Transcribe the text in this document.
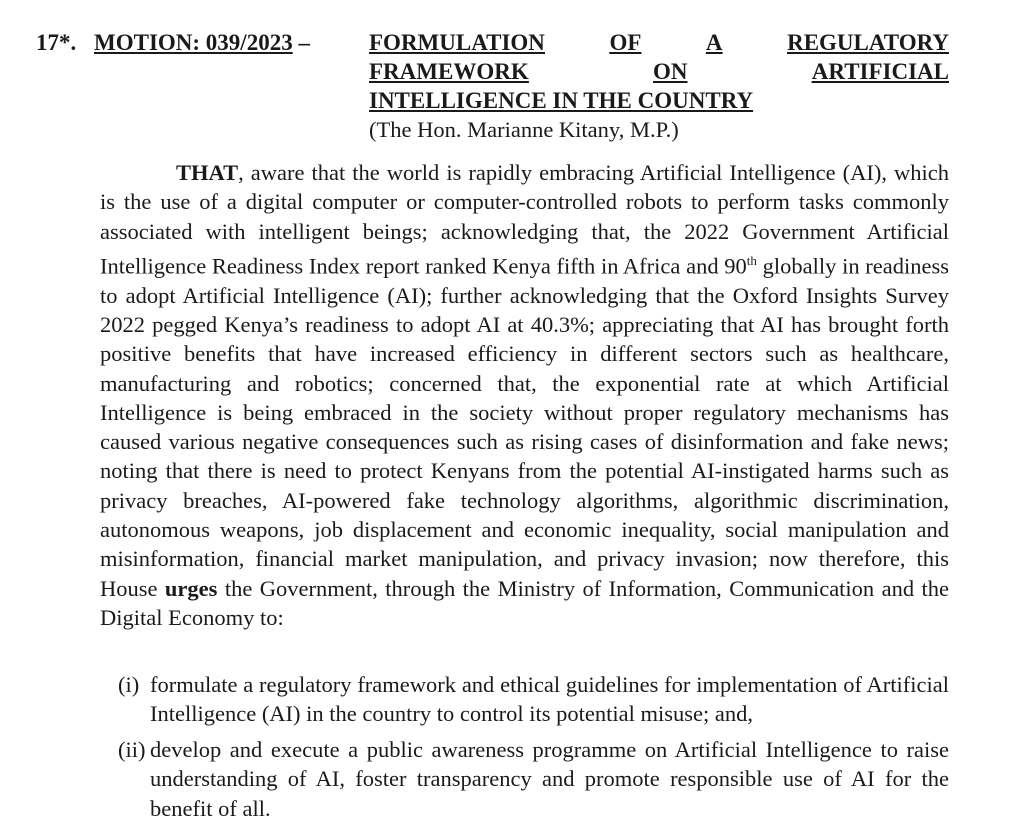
17*. MOTION: 039/2023 –	FORMULATION	OF	A	REGULATORY
FRAMEWORK	ON	ARTIFICIAL
INTELLIGENCE IN THE COUNTRY
(The Hon. Marianne Kitany, M.P.)
THAT, aware that the world is rapidly embracing Artificial Intelligence (AI), which is the use of a digital computer or computer-controlled robots to perform tasks commonly associated with intelligent beings; acknowledging that, the 2022 Government Artificial Intelligence Readiness Index report ranked Kenya fifth in Africa and 90th globally in readiness to adopt Artificial Intelligence (AI); further acknowledging that the Oxford Insights Survey 2022 pegged Kenya’s readiness to adopt AI at 40.3%; appreciating that AI has brought forth positive benefits that have increased efficiency in different sectors such as healthcare, manufacturing and robotics; concerned that, the exponential rate at which Artificial Intelligence is being embraced in the society without proper regulatory mechanisms has caused various negative consequences such as rising cases of disinformation and fake news; noting that there is need to protect Kenyans from the potential AI-instigated harms such as privacy breaches, AI-powered fake technology algorithms, algorithmic discrimination, autonomous weapons, job displacement and economic inequality, social manipulation and misinformation, financial market manipulation, and privacy invasion; now therefore, this House urges the Government, through the Ministry of Information, Communication and the Digital Economy to:
(i) formulate a regulatory framework and ethical guidelines for implementation of Artificial Intelligence (AI) in the country to control its potential misuse; and,
(ii) develop and execute a public awareness programme on Artificial Intelligence to raise understanding of AI, foster transparency and promote responsible use of AI for the benefit of all.
